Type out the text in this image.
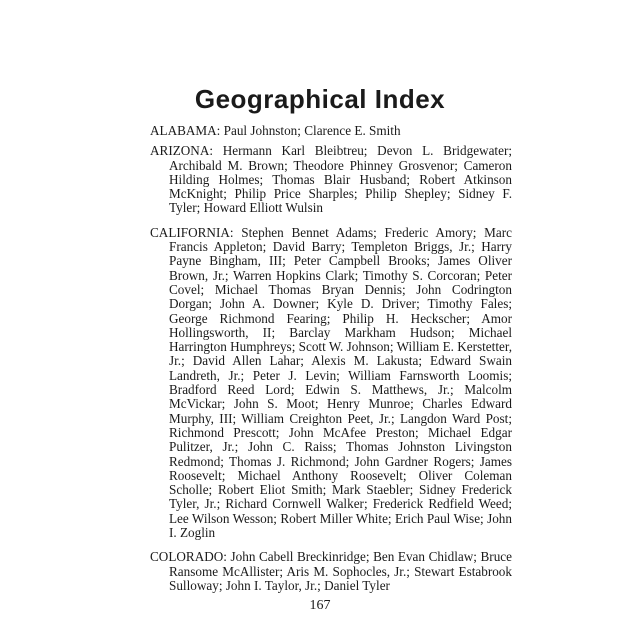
Geographical Index

ALABAMA: Paul Johnston; Clarence E. Smith

ARIZONA: Hermann Karl Bleibtreu; Devon L. Bridgewater; Archibald M. Brown; Theodore Phinney Grosvenor; Cameron Hilding Holmes; Thomas Blair Husband; Robert Atkinson McKnight; Philip Price Sharples; Philip Shepley; Sidney F. Tyler; Howard Elliott Wulsin

CALIFORNIA: Stephen Bennet Adams; Frederic Amory; Marc Francis Appleton; David Barry; Templeton Briggs, Jr.; Harry Payne Bingham, III; Peter Campbell Brooks; James Oliver Brown, Jr.; Warren Hopkins Clark; Timothy S. Corcoran; Peter Covel; Michael Thomas Bryan Dennis; John Codrington Dorgan; John A. Downer; Kyle D. Driver; Timothy Fales; George Richmond Fearing; Philip H. Heckscher; Amor Hollingsworth, II; Barclay Markham Hudson; Michael Harrington Humphreys; Scott W. Johnson; William E. Kerstetter, Jr.; David Allen Lahar; Alexis M. Lakusta; Edward Swain Landreth, Jr.; Peter J. Levin; William Farnsworth Loomis; Bradford Reed Lord; Edwin S. Matthews, Jr.; Malcolm McVickar; John S. Moot; Henry Munroe; Charles Edward Murphy, III; William Creighton Peet, Jr.; Langdon Ward Post; Richmond Prescott; John McAfee Preston; Michael Edgar Pulitzer, Jr.; John C. Raiss; Thomas Johnston Livingston Redmond; Thomas J. Richmond; John Gardner Rogers; James Roosevelt; Michael Anthony Roosevelt; Oliver Coleman Scholle; Robert Eliot Smith; Mark Staebler; Sidney Frederick Tyler, Jr.; Richard Cornwell Walker; Frederick Redfield Weed; Lee Wilson Wesson; Robert Miller White; Erich Paul Wise; John I. Zoglin

COLORADO: John Cabell Breckinridge; Ben Evan Chidlaw; Bruce Ransome McAllister; Aris M. Sophocles, Jr.; Stewart Estabrook Sulloway; John I. Taylor, Jr.; Daniel Tyler

167
